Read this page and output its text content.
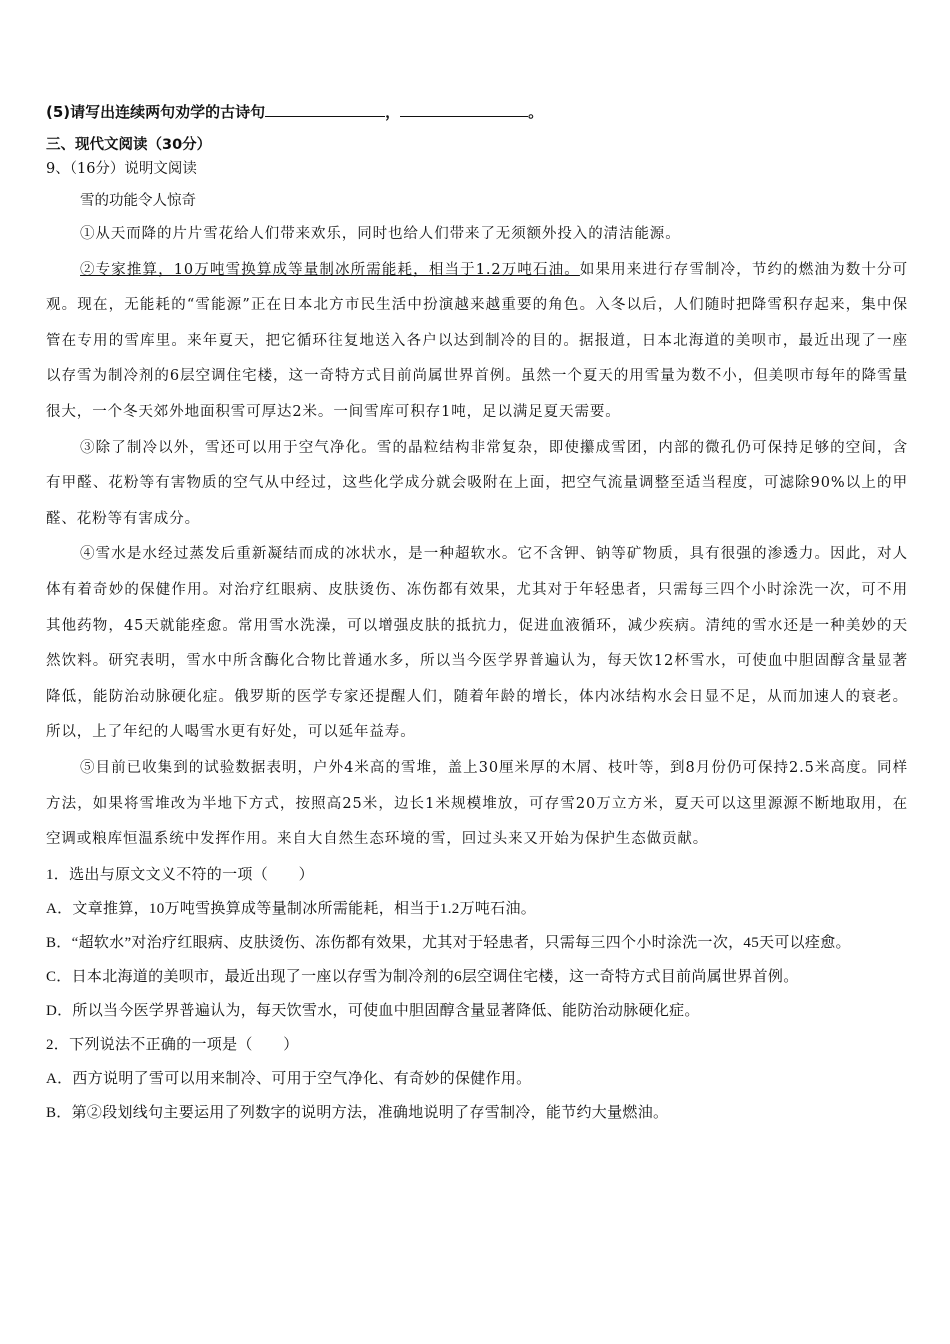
(5)请写出连续两句劝学的古诗句	，	。
三、现代文阅读（30分）
9、（16分）说明文阅读
雪的功能令人惊奇
①从天而降的片片雪花给人们带来欢乐，同时也给人们带来了无须额外投入的清洁能源。
②专家推算，10万吨雪换算成等量制冰所需能耗，相当于1.2万吨石油。如果用来进行存雪制冷，节约的燃油为数十分可观。现在，无能耗的“雪能源”正在日本北方市民生活中扮演越来越重要的角色。入冬以后，人们随时把降雪积存起来，集中保管在专用的雪库里。来年夏天，把它循环往复地送入各户以达到制冷的目的。据报道，日本北海道的美呗市，最近出现了一座以存雪为制冷剂的6层空调住宅楼，这一奇特方式目前尚属世界首例。虽然一个夏天的用雪量为数不小，但美呗市每年的降雪量很大，一个冬天郊外地面积雪可厚达2米。一间雪库可积存1吨，足以满足夏天需要。
③除了制冷以外，雪还可以用于空气净化。雪的晶粒结构非常复杂，即使攥成雪团，内部的微孔仍可保持足够的空间，含有甲醛、花粉等有害物质的空气从中经过，这些化学成分就会吸附在上面，把空气流量调整至适当程度，可滤除90%以上的甲醛、花粉等有害成分。
④雪水是水经过蒸发后重新凝结而成的冰状水，是一种超软水。它不含钾、钠等矿物质，具有很强的渗透力。因此，对人体有着奇妙的保健作用。对治疗红眼病、皮肤烫伤、冻伤都有效果，尤其对于年轻患者，只需每三四个小时涂洗一次，可不用其他药物，45天就能痊愈。常用雪水洗澡，可以增强皮肤的抵抗力，促进血液循环，减少疾病。清纯的雪水还是一种美妙的天然饮料。研究表明，雪水中所含酶化合物比普通水多，所以当今医学界普遍认为，每天饮12杯雪水，可使血中胆固醇含量显著降低，能防治动脉硬化症。俄罗斯的医学专家还提醒人们，随着年龄的增长，体内冰结构水会日显不足，从而加速人的衰老。所以，上了年纪的人喝雪水更有好处，可以延年益寿。
⑤目前已收集到的试验数据表明，户外4米高的雪堆，盖上30厘米厚的木屑、枝叶等，到8月份仍可保持2.5米高度。同样方法，如果将雪堆改为半地下方式，按照高25米，边长1米规模堆放，可存雪20万立方米，夏天可以这里源源不断地取用，在空调或粮库恒温系统中发挥作用。来自大自然生态环境的雪，回过头来又开始为保护生态做贡献。
1．选出与原文文义不符的一项（　　）
A．文章推算，10万吨雪换算成等量制冰所需能耗，相当于1.2万吨石油。
B．“超软水”对治疗红眼病、皮肤烫伤、冻伤都有效果，尤其对于轻患者，只需每三四个小时涂洗一次，45天可以痊愈。
C．日本北海道的美呗市，最近出现了一座以存雪为制冷剂的6层空调住宅楼，这一奇特方式目前尚属世界首例。
D．所以当今医学界普遍认为，每天饮雪水，可使血中胆固醇含量显著降低、能防治动脉硬化症。
2．下列说法不正确的一项是（　　）
A．西方说明了雪可以用来制冷、可用于空气净化、有奇妙的保健作用。
B．第②段划线句主要运用了列数字的说明方法，准确地说明了存雪制冷，能节约大量燃油。
